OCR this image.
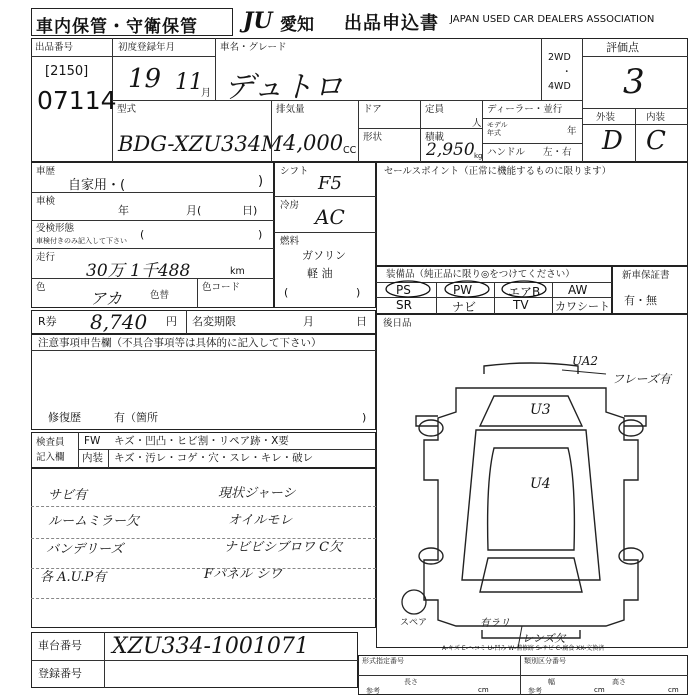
車内保管・守衛保管 JU 愛知 出品申込書 JAPAN USED CAR DEALERS ASSOCIATION
出品番号
[2150]
07114
初度登録年月
19 11
月
車名・グレード
デュトロ
2WD
・
4WD
評価点
3
外装	内装
D C
型式
BDG-XZU334M
排気量
4,000 CC
ドア
形状
定員
人
積載
2,950 kg
ディーラー・並行
モデル
年式	年
ハンドル 左・右
車歴
自家用・(	)
車検
年	月(	日)
受検形態
車検付きのみ記入して下さい (	)
走行
30万 1千488	km
色
アカ	色替
色コード
シフト
F5
冷房 AC
燃料
ガソリン
軽 油
(	)
セールスポイント（正常に機能するものに限ります）
装備品（純正品に限り◎をつけてください）
PS	PW	エアB AW
SR	ナビ	TV カワシート
新車保証書
有・無
R券 8,740 円 名変期限	月	日
注意事項申告欄（不具合事項等は具体的に記入して下さい）
修復歴	有（箇所	)
後日品
検査員
記入欄
FW キズ・凹凸・ヒビ割・リペア跡・X要
内装 キズ・汚レ・コゲ・穴・スレ・キレ・破レ
サビ有	現状ジャーシ
ルームミラー欠	オイルモレ
バンデリーズ	ナビビシブロワ C欠
各 A.U.P有	Fパネル シワ
車台番号 XZU334-1001071
登録番号
形式指定番号	類別区分番号
参考
長さ
cm	参考
幅
cm
高さ
cm
UA2
フレーズ有
U3
U4
レンズ欠
スペア	有ラリ
A-キズ E-ヘコミ U-凹み W-補修跡 S-サビ C-腐食 XX-交換済
